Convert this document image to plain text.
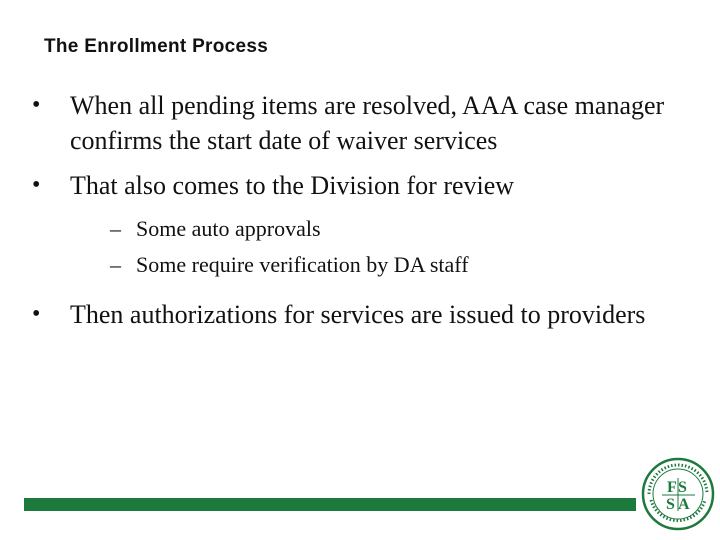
The Enrollment Process
•	When all pending items are resolved, AAA case manager confirms the start date of waiver services
•	That also comes to the Division for review
– Some auto approvals
– Some require verification by DA staff
•	Then authorizations for services are issued to providers
F S
S A
